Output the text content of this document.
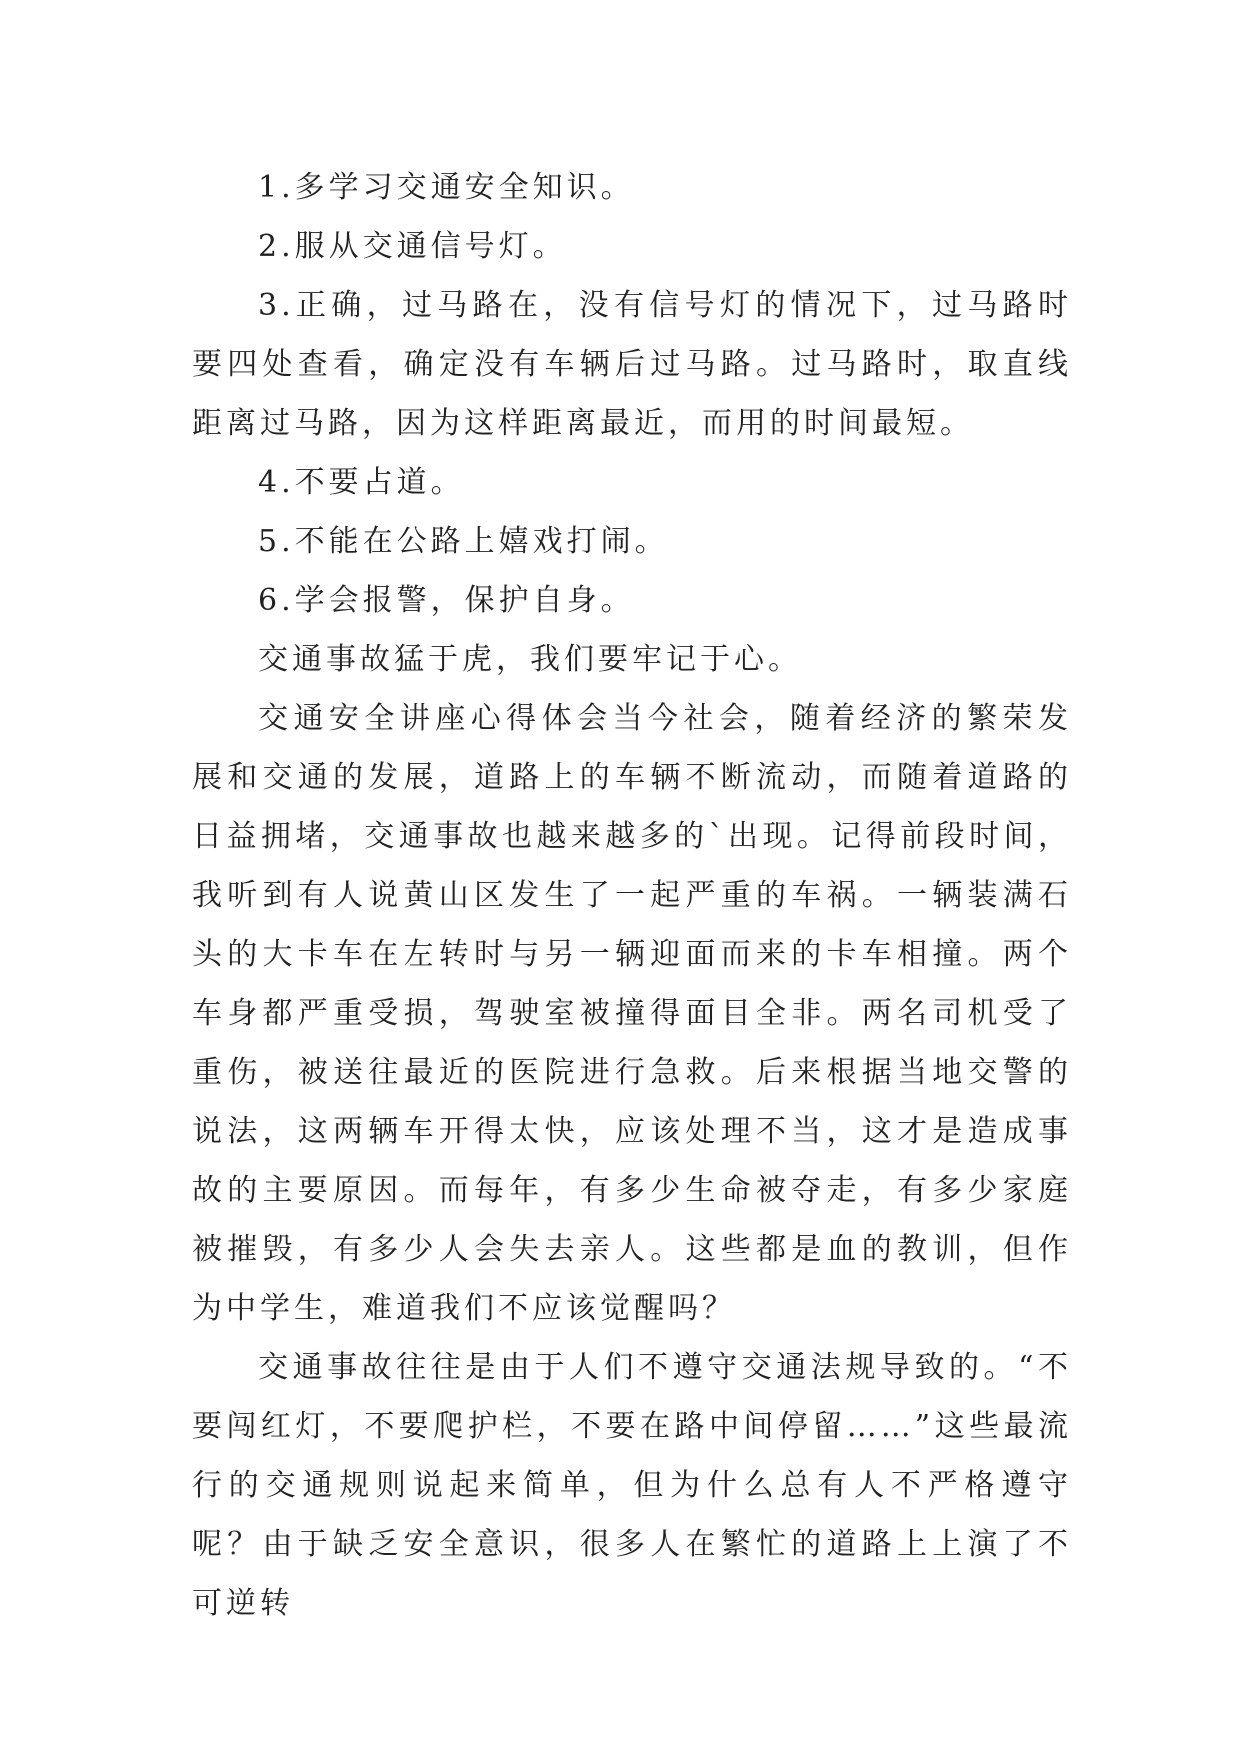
1.多学习交通安全知识。

2.服从交通信号灯。

3.正确，过马路在，没有信号灯的情况下，过马路时要四处查看，确定没有车辆后过马路。过马路时，取直线距离过马路，因为这样距离最近，而用的时间最短。

4.不要占道。

5.不能在公路上嬉戏打闹。

6.学会报警，保护自身。

交通事故猛于虎，我们要牢记于心。

交通安全讲座心得体会当今社会，随着经济的繁荣发展和交通的发展，道路上的车辆不断流动，而随着道路的日益拥堵，交通事故也越来越多的`出现。记得前段时间，我听到有人说黄山区发生了一起严重的车祸。一辆装满石头的大卡车在左转时与另一辆迎面而来的卡车相撞。两个车身都严重受损，驾驶室被撞得面目全非。两名司机受了重伤，被送往最近的医院进行急救。后来根据当地交警的说法，这两辆车开得太快，应该处理不当，这才是造成事故的主要原因。而每年，有多少生命被夺走，有多少家庭被摧毁，有多少人会失去亲人。这些都是血的教训，但作为中学生，难道我们不应该觉醒吗？

交通事故往往是由于人们不遵守交通法规导致的。“不要闯红灯，不要爬护栏，不要在路中间停留……”这些最流行的交通规则说起来简单，但为什么总有人不严格遵守呢？由于缺乏安全意识，很多人在繁忙的道路上上演了不可逆转
